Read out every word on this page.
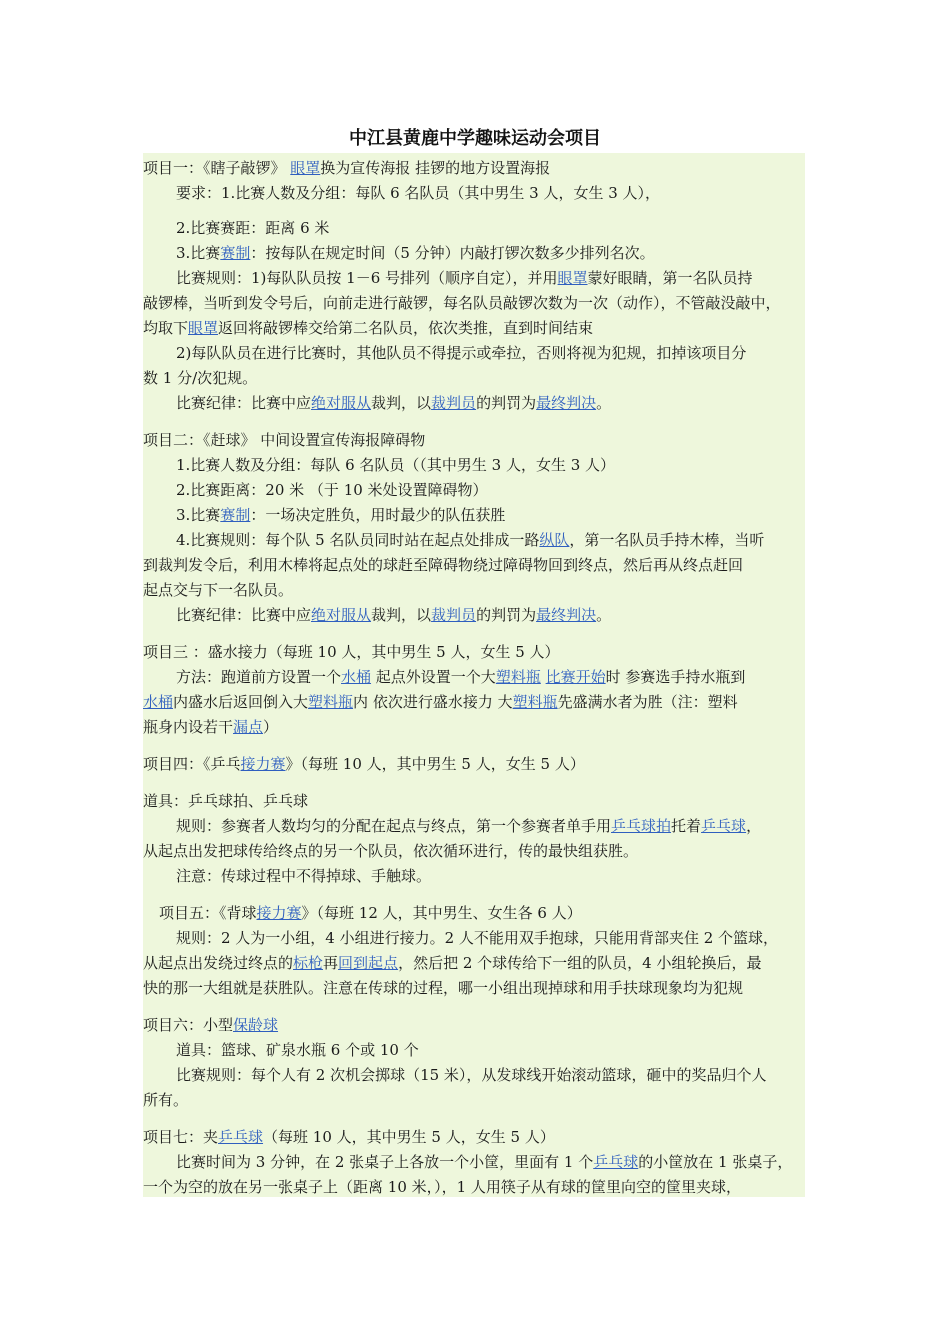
中江县黄鹿中学趣味运动会项目
项目一：《瞎子敲锣》 眼罩换为宣传海报 挂锣的地方设置海报
要求：1.比赛人数及分组：每队 6 名队员（其中男生 3 人，女生 3 人），
2.比赛赛距：距离 6 米
3.比赛赛制：按每队在规定时间（5 分钟）内敲打锣次数多少排列名次。
比赛规则：1)每队队员按 1－6 号排列（顺序自定），并用眼罩蒙好眼睛，第一名队员持
敲锣棒，当听到发令号后，向前走进行敲锣，每名队员敲锣次数为一次（动作），不管敲没敲中，
均取下眼罩返回将敲锣棒交给第二名队员，依次类推，直到时间结束
2)每队队员在进行比赛时，其他队员不得提示或牵拉，否则将视为犯规，扣掉该项目分
数 1 分/次犯规。
比赛纪律：比赛中应绝对服从裁判，以裁判员的判罚为最终判决。
项目二：《赶球》 中间设置宣传海报障碍物
1.比赛人数及分组：每队 6 名队员（（其中男生 3 人，女生 3 人）
2.比赛距离：20 米 （于 10 米处设置障碍物）
3.比赛赛制：一场决定胜负，用时最少的队伍获胜
4.比赛规则：每个队 5 名队员同时站在起点处排成一路纵队，第一名队员手持木棒，当听
到裁判发令后，利用木棒将起点处的球赶至障碍物绕过障碍物回到终点，然后再从终点赶回
起点交与下一名队员。
比赛纪律：比赛中应绝对服从裁判，以裁判员的判罚为最终判决。
项目三 ：盛水接力（每班 10 人，其中男生 5 人，女生 5 人）
方法：跑道前方设置一个水桶 起点外设置一个大塑料瓶 比赛开始时 参赛选手持水瓶到
水桶内盛水后返回倒入大塑料瓶内 依次进行盛水接力 大塑料瓶先盛满水者为胜（注：塑料
瓶身内设若干漏点）
项目四：《乒乓接力赛》（每班 10 人，其中男生 5 人，女生 5 人）
道具：乒乓球拍、乒乓球
规则：参赛者人数均匀的分配在起点与终点，第一个参赛者单手用乒乓球拍托着乒乓球，
从起点出发把球传给终点的另一个队员，依次循环进行，传的最快组获胜。
注意：传球过程中不得掉球、手触球。
项目五：《背球接力赛》（每班 12 人，其中男生、女生各 6 人）
规则：2 人为一小组，4 小组进行接力。2 人不能用双手抱球，只能用背部夹住 2 个篮球，
从起点出发绕过终点的标枪再回到起点，然后把 2 个球传给下一组的队员，4 小组轮换后，最
快的那一大组就是获胜队。注意在传球的过程，哪一小组出现掉球和用手扶球现象均为犯规
项目六：小型保龄球
道具：篮球、矿泉水瓶 6 个或 10 个
比赛规则：每个人有 2 次机会掷球（15 米），从发球线开始滚动篮球，砸中的奖品归个人
所有。
项目七：夹乒乓球（每班 10 人，其中男生 5 人，女生 5 人）
比赛时间为 3 分钟，在 2 张桌子上各放一个小筐，里面有 1 个乒乓球的小筐放在 1 张桌子，
一个为空的放在另一张桌子上（距离 10 米，），1 人用筷子从有球的筐里向空的筐里夹球，
